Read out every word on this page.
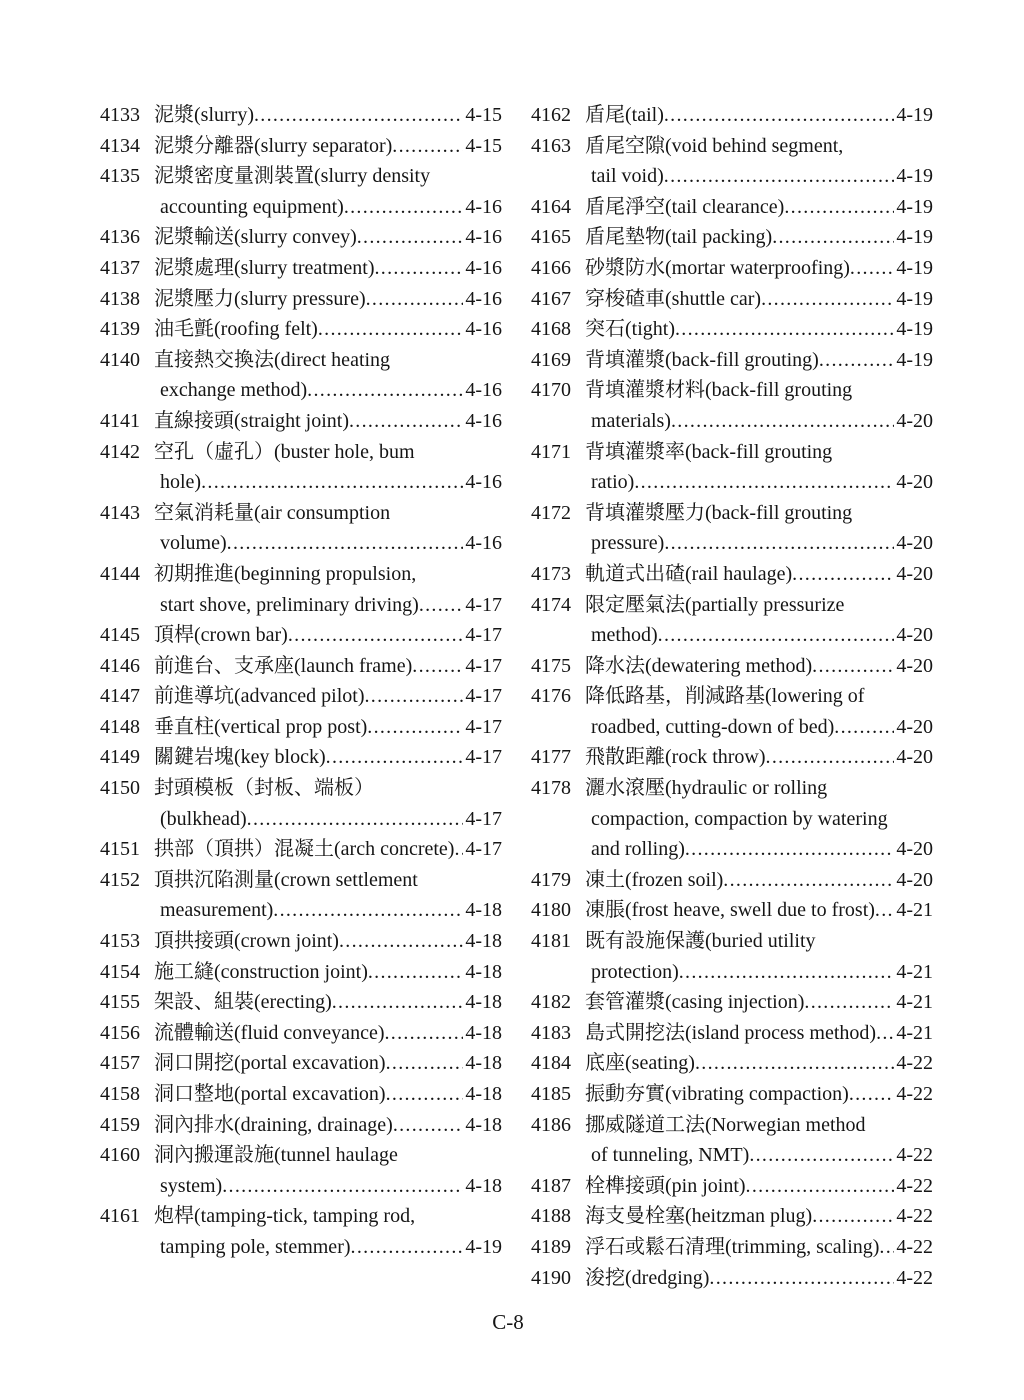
4133 泥漿(slurry) .....	4-15
4134 泥漿分離器(slurry separator) .....	4-15
4135 泥漿密度量測裝置(slurry density
accounting equipment) .....	4-16
4136 泥漿輸送(slurry convey) .....	4-16
4137 泥漿處理(slurry treatment) .....	4-16
4138 泥漿壓力(slurry pressure) .....	4-16
4139 油毛氈(roofing felt) .....	4-16
4140 直接熱交換法(direct heating
exchange method) .....	4-16
4141 直線接頭(straight joint) .....	4-16
4142 空孔（虛孔）(buster hole, bum
hole) .....	4-16
4143 空氣消耗量(air consumption
volume) .....	4-16
4144 初期推進(beginning propulsion,
start shove, preliminary driving) ..... 4-17
4145 頂桿(crown bar) .....	4-17
4146 前進台、支承座(launch frame) .....	4-17
4147 前進導坑(advanced pilot) .....	4-17
4148 垂直柱(vertical prop post) .....	4-17
4149 關鍵岩塊(key block) .....	4-17
4150 封頭模板（封板、端板）
(bulkhead) .....	4-17
4151 拱部（頂拱）混凝土(arch concrete) ..... 4-17
4152 頂拱沉陷測量(crown settlement
measurement) .....	4-18
4153 頂拱接頭(crown joint) .....	4-18
4154 施工縫(construction joint) .....	4-18
4155 架設、組裝(erecting) .....	4-18
4156 流體輸送(fluid conveyance) .....	4-18
4157 洞口開挖(portal excavation) .....	4-18
4158 洞口整地(portal excavation) .....	4-18
4159 洞內排水(draining, drainage) .....	4-18
4160 洞內搬運設施(tunnel haulage
system) .....	4-18
4161 炮桿(tamping-tick, tamping rod,
tamping pole, stemmer) .....	4-19
4162 盾尾(tail) .....	4-19
4163 盾尾空隙(void behind segment,
tail void) .....	4-19
4164 盾尾淨空(tail clearance) .....	4-19
4165 盾尾墊物(tail packing) .....	4-19
4166 砂漿防水(mortar waterproofing) ..... 4-19
4167 穿梭碴車(shuttle car) .....	4-19
4168 突石(tight) .....	4-19
4169 背填灌漿(back-fill grouting) .....	4-19
4170 背填灌漿材料(back-fill grouting
materials) .....	4-20
4171 背填灌漿率(back-fill grouting
ratio) .....	4-20
4172 背填灌漿壓力(back-fill grouting
pressure) .....	4-20
4173 軌道式出碴(rail haulage) .....	4-20
4174 限定壓氣法(partially pressurize
method) .....	4-20
4175 降水法(dewatering method) .....	4-20
4176 降低路基，削減路基(lowering of
roadbed, cutting-down of bed) .....	4-20
4177 飛散距離(rock throw) .....	4-20
4178 灑水滾壓(hydraulic or rolling
compaction, compaction by watering
and rolling) .....	4-20
4179 凍土(frozen soil) .....	4-20
4180 凍脹(frost heave, swell due to frost) ..... 4-21
4181 既有設施保護(buried utility
protection) .....	4-21
4182 套管灌漿(casing injection) .....	4-21
4183 島式開挖法(island process method) ..... 4-21
4184 底座(seating) .....	4-22
4185 振動夯實(vibrating compaction) ..... 4-22
4186 挪威隧道工法(Norwegian method
of tunneling, NMT) .....	4-22
4187 栓榫接頭(pin joint) .....	4-22
4188 海支曼栓塞(heitzman plug) .....	4-22
4189 浮石或鬆石清理(trimming, scaling) ..... 4-22
4190 浚挖(dredging) .....	4-22
C-8
